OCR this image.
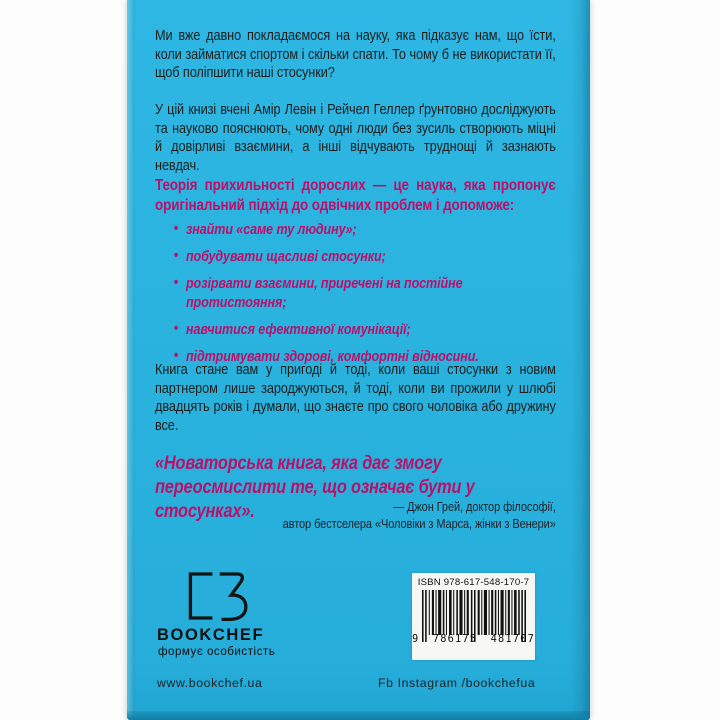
Ми вже давно покладаємося на науку, яка підказує нам, що їсти, коли займатися спортом і скільки спати. То чому б не використати її, щоб поліпшити наші стосунки?

У цій книзі вчені Амір Левін і Рейчел Геллер ґрунтовно досліджують та науково пояснюють, чому одні люди без зусиль створюють міцні й довірливі взаємини, а інші відчувають труднощі й зазнають невдач.

Теорія прихильності дорослих — це наука, яка пропонує оригінальний підхід до одвічних проблем і допоможе:

• знайти «саме ту людину»;
• побудувати щасливі стосунки;
• розірвати взаємини, приречені на постійне протистояння;
• навчитися ефективної комунікації;
• підтримувати здорові, комфортні відносини.

Книга стане вам у пригоді й тоді, коли ваші стосунки з новим партнером лише зароджуються, й тоді, коли ви прожили у шлюбі двадцять років і думали, що знаєте про свого чоловіка або дружину все.

«Новаторська книга, яка дає змогу переосмислити те, що означає бути у стосунках».	— Джон Грей, доктор філософії,
автор бестселера «Чоловіки з Марса, жінки з Венери»
BOOKCHEF
формує особистість
ISBN 978-617-548-170-7
9 786175 481707
www.bookchef.ua	Fb Instagram /bookchefua
